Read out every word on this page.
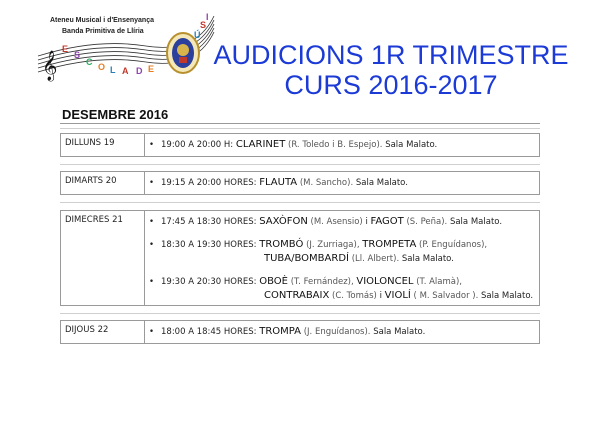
Ateneu Musical i d'Ensenyança
Banda Primitiva de Llíria
𝄞
E
S
C O L A D E
Ú
S
I
AUDICIONS 1R TRIMESTRE
CURS 2016-2017
DESEMBRE 2016
DILLUNS 19	• 19:00 A 20:00 H: CLARINET (R. Toledo i B. Espejo). Sala Malato.
DIMARTS 20	• 19:15 A 20:00 HORES: FLAUTA (M. Sancho). Sala Malato.
DIMECRES 21	• 17:45 A 18:30 HORES: SAXÒFON (M. Asensio) i FAGOT (S. Peña). Sala Malato.
• 18:30 A 19:30 HORES: TROMBÓ (J. Zurriaga), TROMPETA (P. Enguídanos),
TUBA/BOMBARDÍ (Ll. Albert). Sala Malato.
• 19:30 A 20:30 HORES: OBOÈ (T. Fernández), VIOLONCEL (T. Alamà),
CONTRABAIX (C. Tomás) i VIOLÍ ( M. Salvador ). Sala Malato.
DIJOUS 22	• 18:00 A 18:45 HORES: TROMPA (J. Enguídanos). Sala Malato.
